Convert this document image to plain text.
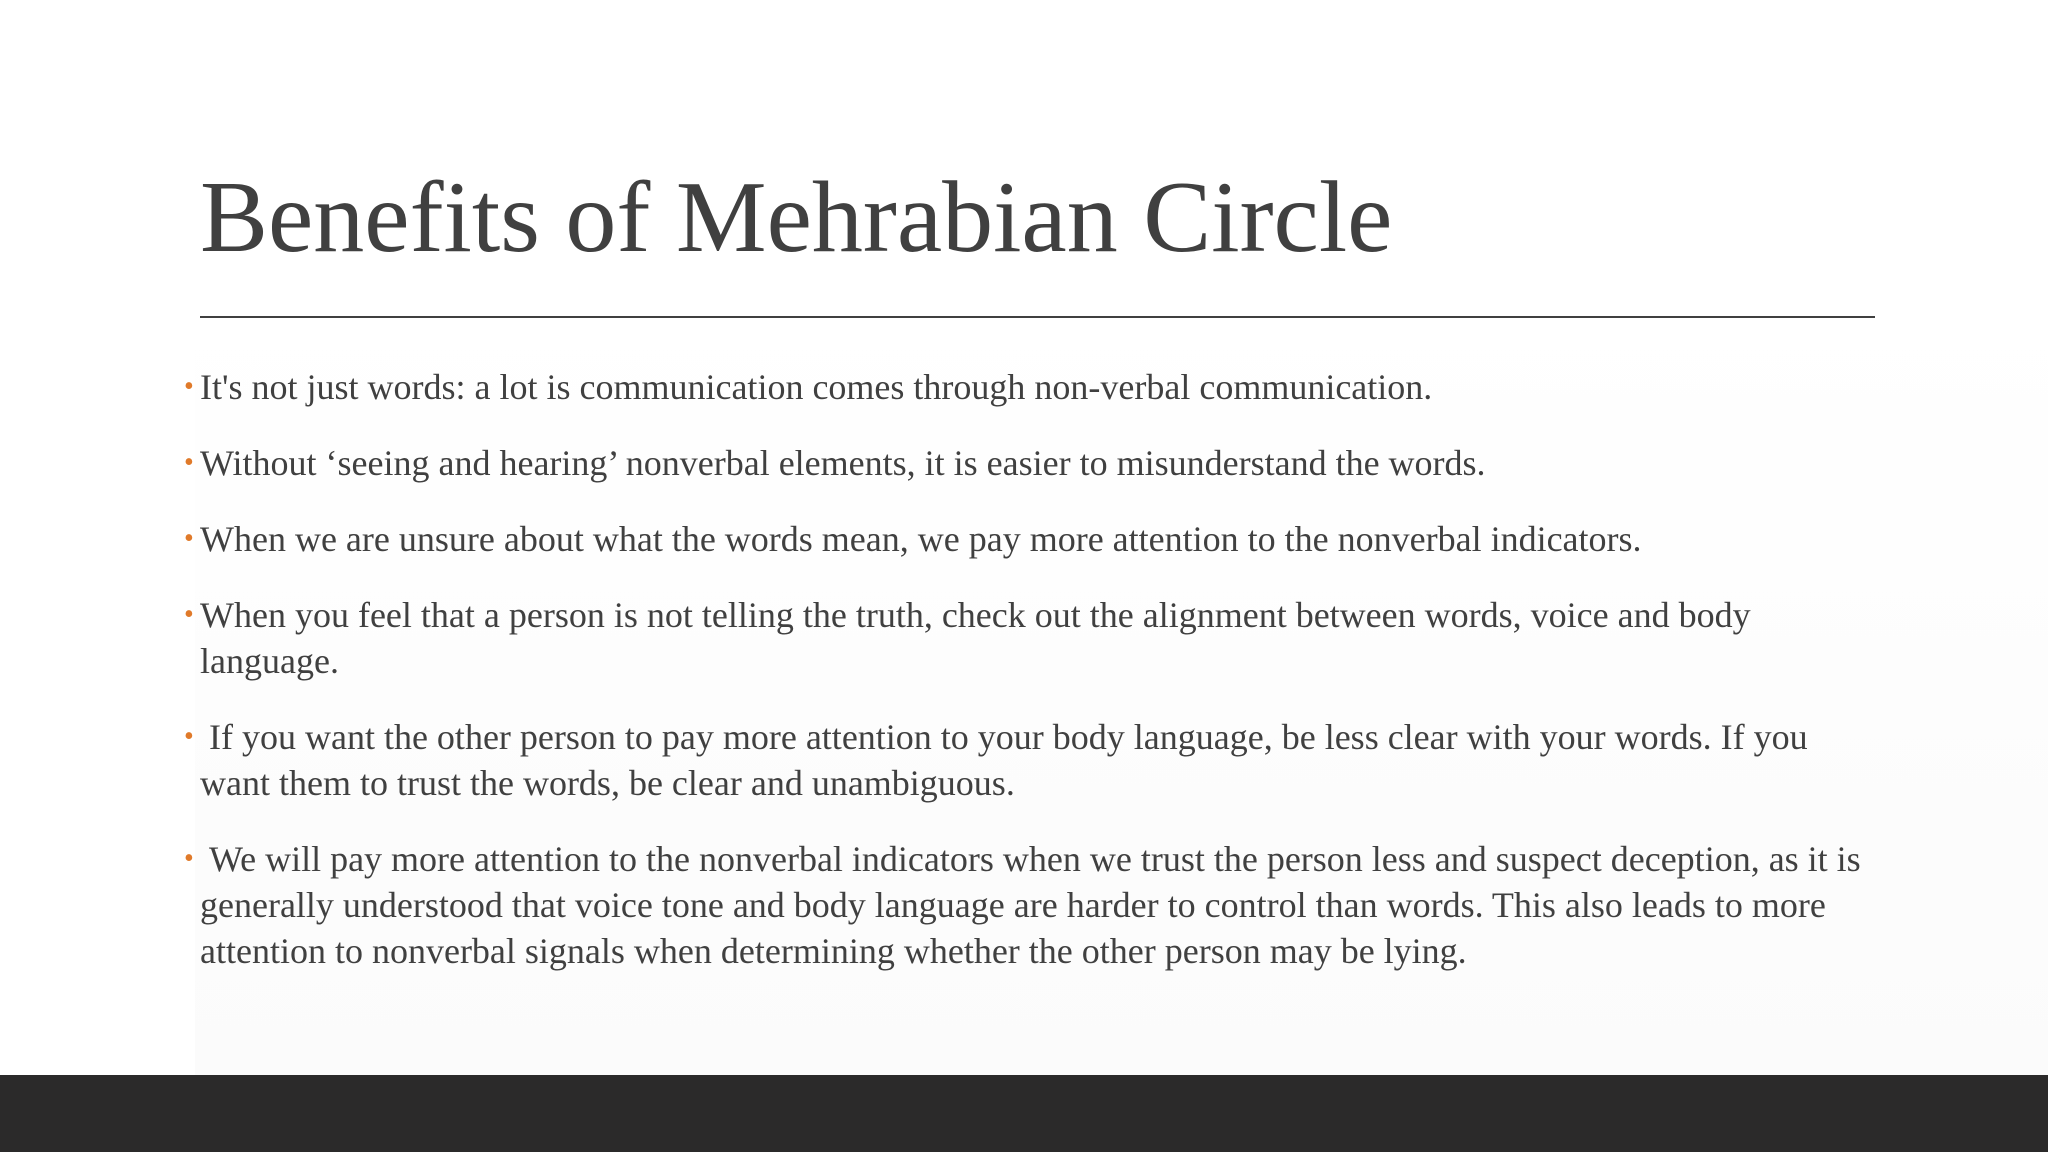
Benefits of Mehrabian Circle
• It's not just words: a lot is communication comes through non-verbal communication.
• Without ‘seeing and hearing’ nonverbal elements, it is easier to misunderstand the words.
• When we are unsure about what the words mean, we pay more attention to the nonverbal indicators.
• When you feel that a person is not telling the truth, check out the alignment between words, voice and body language.
• If you want the other person to pay more attention to your body language, be less clear with your words. If you want them to trust the words, be clear and unambiguous.
• We will pay more attention to the nonverbal indicators when we trust the person less and suspect deception, as it is generally understood that voice tone and body language are harder to control than words. This also leads to more attention to nonverbal signals when determining whether the other person may be lying.
